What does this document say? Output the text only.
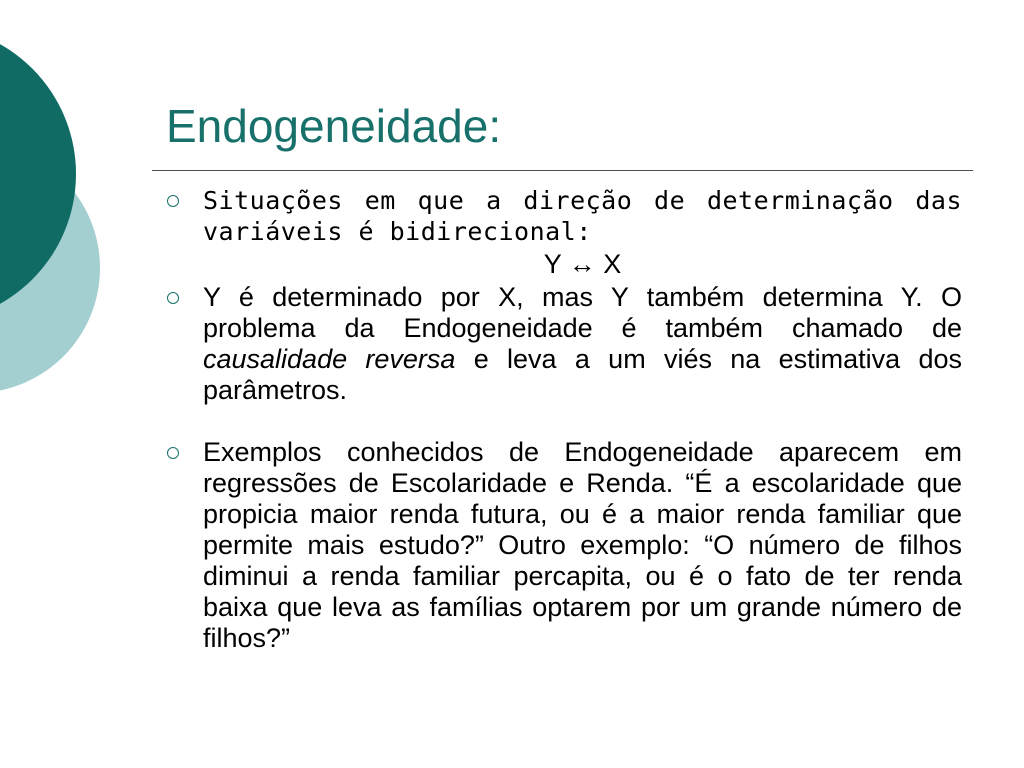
Endogeneidade:
Situações em que a direção de determinação das variáveis é bidirecional:
Y ↔ X
Y é determinado por X, mas Y também determina Y. O problema da Endogeneidade é também chamado de causalidade reversa e leva a um viés na estimativa dos parâmetros.
Exemplos conhecidos de Endogeneidade aparecem em regressões de Escolaridade e Renda. “É a escolaridade que propicia maior renda futura, ou é a maior renda familiar que permite mais estudo?” Outro exemplo: “O número de filhos diminui a renda familiar percapita, ou é o fato de ter renda baixa que leva as famílias optarem por um grande número de filhos?”
